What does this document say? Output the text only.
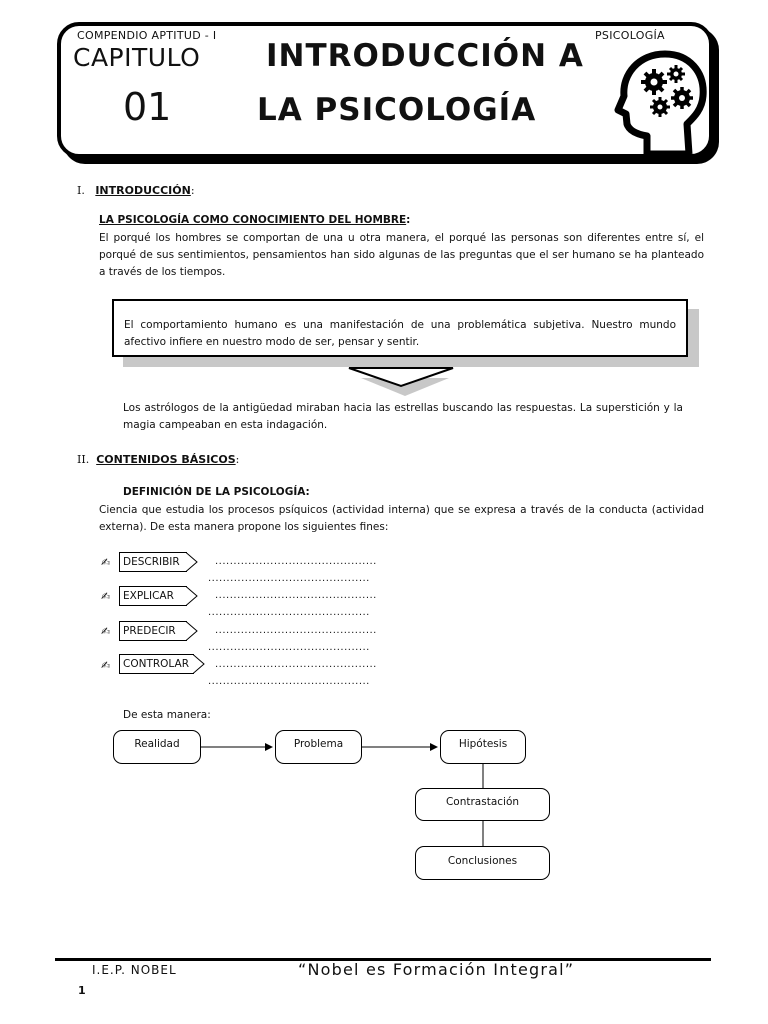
COMPENDIO APTITUD - I	PSICOLOGÍA
CAPITULO
01
INTRODUCCIÓN A
LA PSICOLOGÍA
I. INTRODUCCIÓN:
LA PSICOLOGÍA COMO CONOCIMIENTO DEL HOMBRE:
El porqué los hombres se comportan de una u otra manera, el porqué las personas son diferentes entre sí, el porqué de sus sentimientos, pensamientos han sido algunas de las preguntas que el ser humano se ha planteado a través de los tiempos.
El comportamiento humano es una manifestación de una problemática subjetiva. Nuestro mundo afectivo infiere en nuestro modo de ser, pensar y sentir.
Los astrólogos de la antigüedad miraban hacia las estrellas buscando las respuestas. La superstición y la magia campeaban en esta indagación.
II. CONTENIDOS BÁSICOS:
DEFINICIÓN DE LA PSICOLOGÍA:
Ciencia que estudia los procesos psíquicos (actividad interna) que se expresa a través de la conducta (actividad externa). De esta manera propone los siguientes fines:
✍	DESCRIBIR	............................................
............................................
✍	EXPLICAR	............................................
............................................
✍	PREDECIR	............................................
............................................
✍	CONTROLAR	............................................
............................................
De esta manera:
Realidad	Problema	Hipótesis
Contrastación
Conclusiones
I.E.P. NOBEL	“Nobel es Formación Integral”
1
